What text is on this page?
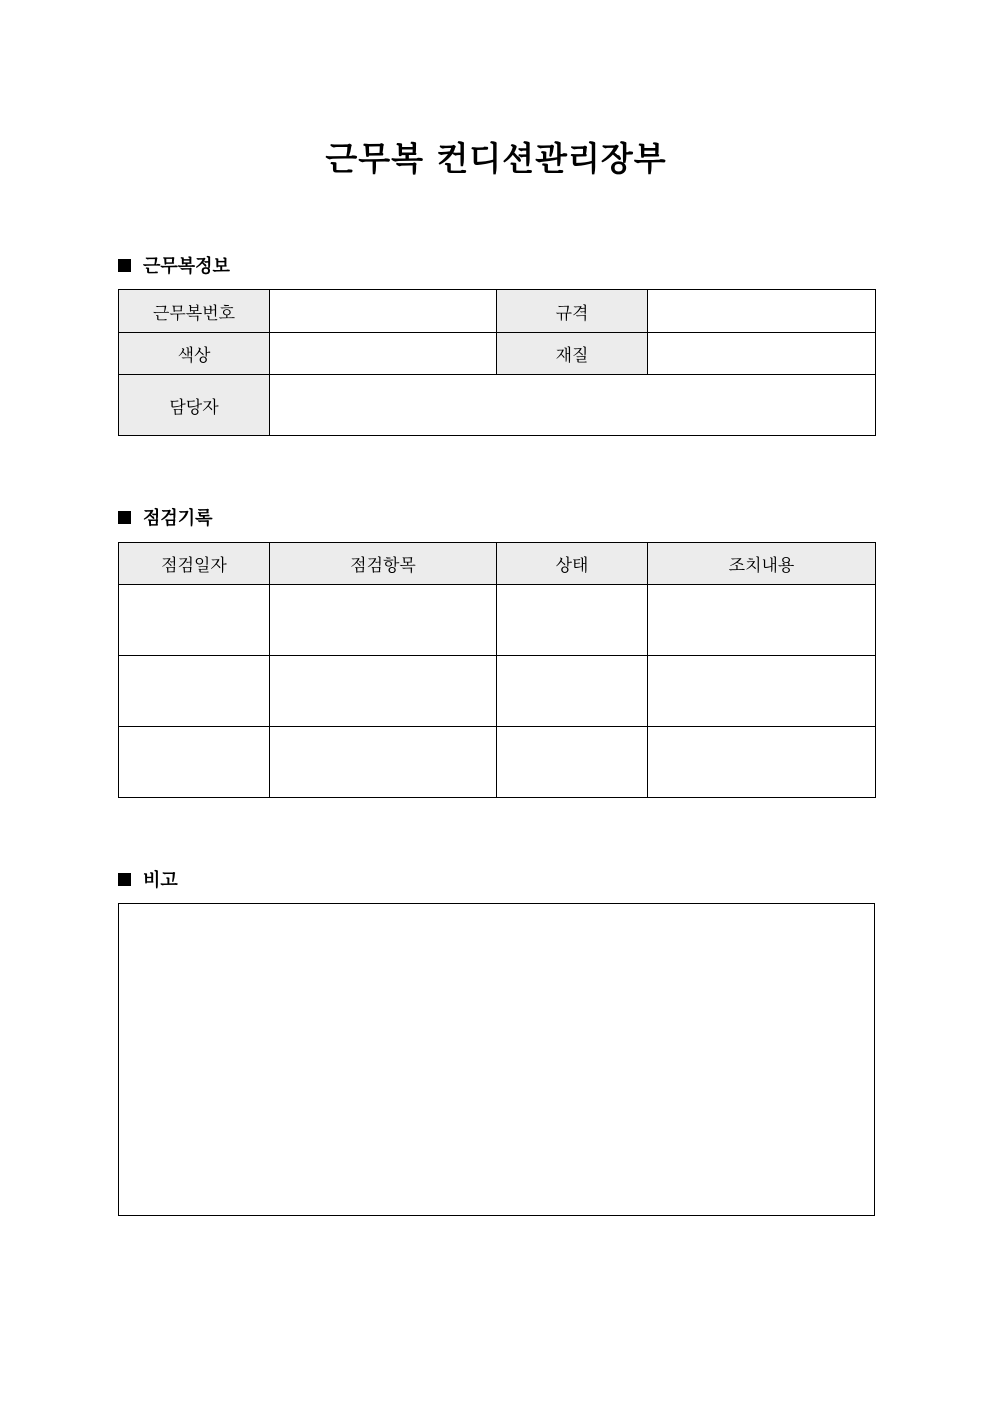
근무복 컨디션관리장부
근무복정보
근무복번호		규격	
색상		재질	
담당자			
점검기록
점검일자	점검항목	상태	조치내용

비고
